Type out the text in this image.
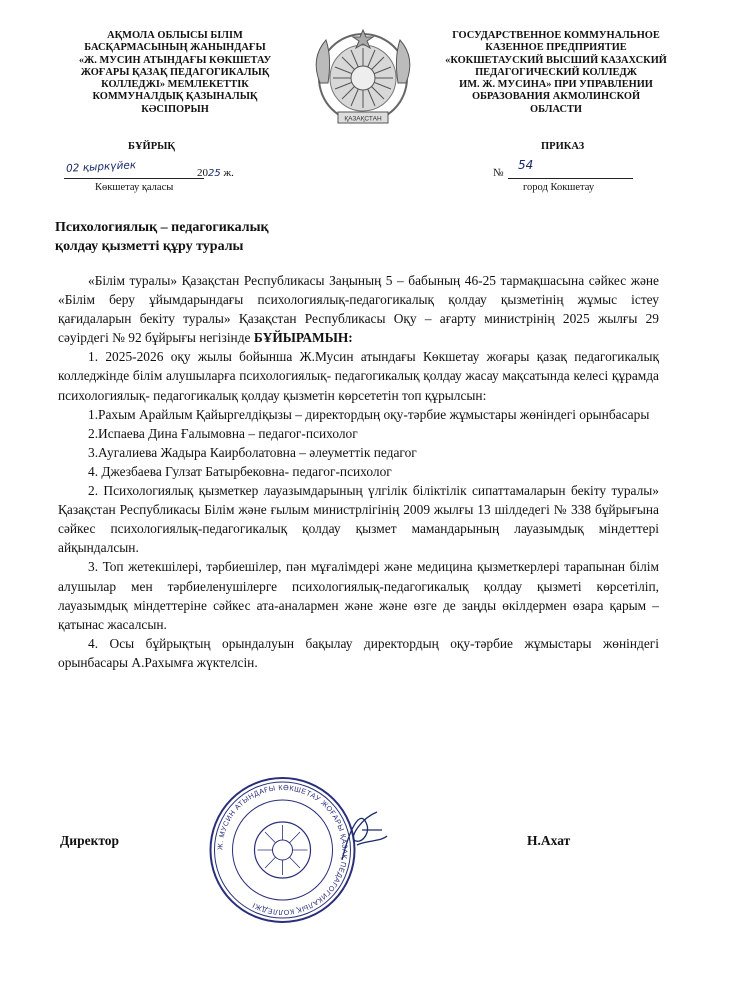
АҚМОЛА ОБЛЫСЫ БІЛІМ
БАСҚАРМАСЫНЫҢ ЖАНЫНДАҒЫ
«Ж. МУСИН АТЫНДАҒЫ КӨКШЕТАУ
ЖОҒАРЫ ҚАЗАҚ ПЕДАГОГИКАЛЫҚ
КОЛЛЕДЖІ» МЕМЛЕКЕТТІК
КОММУНАЛДЫҚ ҚАЗЫНАЛЫҚ
КӘСІПОРЫН
ҚАЗАҚСТАН
ГОСУДАРСТВЕННОЕ КОММУНАЛЬНОЕ
КАЗЕННОЕ ПРЕДПРИЯТИЕ
«КОКШЕТАУСКИЙ ВЫСШИЙ КАЗАХСКИЙ
ПЕДАГОГИЧЕСКИЙ КОЛЛЕДЖ
ИМ. Ж. МУСИНА» ПРИ УПРАВЛЕНИИ
ОБРАЗОВАНИЯ АКМОЛИНСКОЙ
ОБЛАСТИ
БҰЙРЫҚ	ПРИКАЗ
02 қыркүйек	2025 ж.
Көкшетау қаласы
№
54
город Кокшетау
Психологиялық – педагогикалық
қолдау қызметті құру туралы

«Білім туралы» Қазақстан Республикасы Заңының 5 – бабының 46-25 тармақшасына сәйкес және «Білім беру ұйымдарындағы психологиялық-педагогикалық қолдау қызметінің жұмыс істеу қағидаларын бекіту туралы» Қазақстан Республикасы Оқу – ағарту министрінің 2025 жылғы 29 сәуірдегі № 92 бұйрығы негізінде БҰЙЫРАМЫН:

1. 2025-2026 оқу жылы бойынша Ж.Мусин атындағы Көкшетау жоғары қазақ педагогикалық колледжінде білім алушыларға психологиялық- педагогикалық қолдау жасау мақсатында келесі құрамда психологиялық- педагогикалық қолдау қызметін көрсететін топ құрылсын:

1.Рахым Арайлым Қайыргелдіқызы – директордың оқу-тәрбие жұмыстары жөніндегі орынбасары

2.Испаева Дина Ғалымовна – педагог-психолог

3.Аугалиева Жадыра Каирболатовна – әлеуметтік педагог

4. Джезбаева Гулзат Батырбековна- педагог-психолог

2. Психологиялық қызметкер лауазымдарының үлгілік біліктілік сипаттамаларын бекіту туралы» Қазақстан Республикасы Білім және ғылым министрлігінің 2009 жылғы 13 шілдедегі № 338 бұйрығына сәйкес психологиялық-педагогикалық қолдау қызмет мамандарының лауазымдық міндеттері айқындалсын.

3. Топ жетекшілері, тәрбиешілер, пән мұғалімдері және медицина қызметкерлері тарапынан білім алушылар мен тәрбиеленушілерге психологиялық-педагогикалық қолдау қызметі көрсетіліп, лауазымдық міндеттеріне сәйкес ата-аналармен және және өзге де заңды өкілдермен өзара қарым – қатынас жасалсын.

4. Осы бұйрықтың орындалуын бақылау директордың оқу-тәрбие жұмыстары жөніндегі орынбасары А.Рахымға жүктелсін.

Ж. МУСИН АТЫНДАҒЫ КӨКШЕТАУ ЖОҒАРЫ ҚАЗАҚ ПЕДАГОГИКАЛЫҚ КОЛЛЕДЖІ
Директор	Н.Ахат
